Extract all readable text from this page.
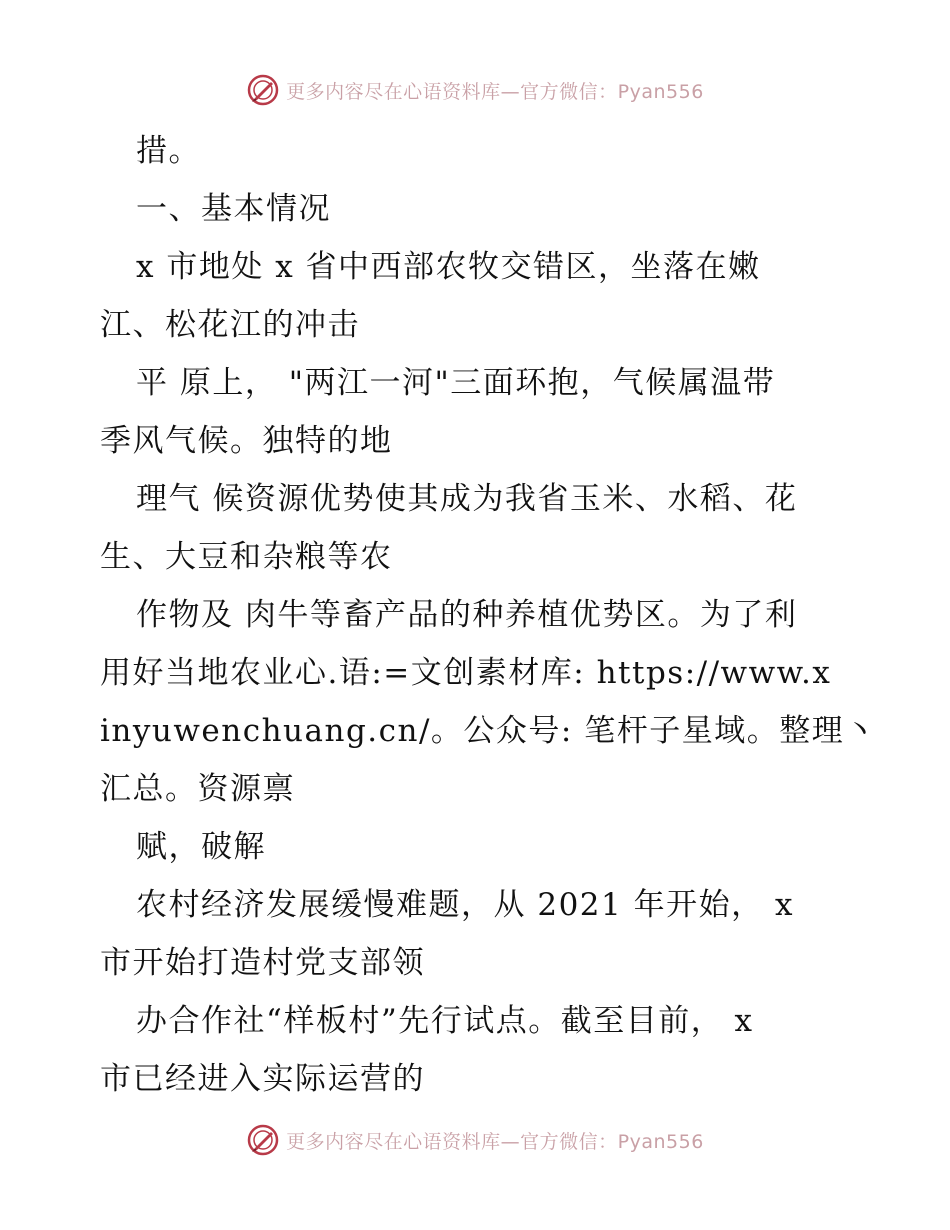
更多内容尽在心语资料库—官方微信：Pyan556
措。
一、基本情况
x 市地处 x 省中西部农牧交错区，坐落在嫩
江、松花江的冲击
平 原上， "两江一河"三面环抱，气候属温带
季风气候。独特的地
理气 候资源优势使其成为我省玉米、水稻、花
生、大豆和杂粮等农
作物及 肉牛等畜产品的种养植优势区。为了利
用好当地农业心.语:=文创素材库: https://www.x
inyuwenchuang.cn/。公众号: 笔杆子星域。整理丶
汇总。资源禀
赋，破解
农村经济发展缓慢难题，从 2021 年开始， x
市开始打造村党支部领
办合作社“样板村”先行试点。截至目前， x
市已经进入实际运营的
更多内容尽在心语资料库—官方微信：Pyan556
